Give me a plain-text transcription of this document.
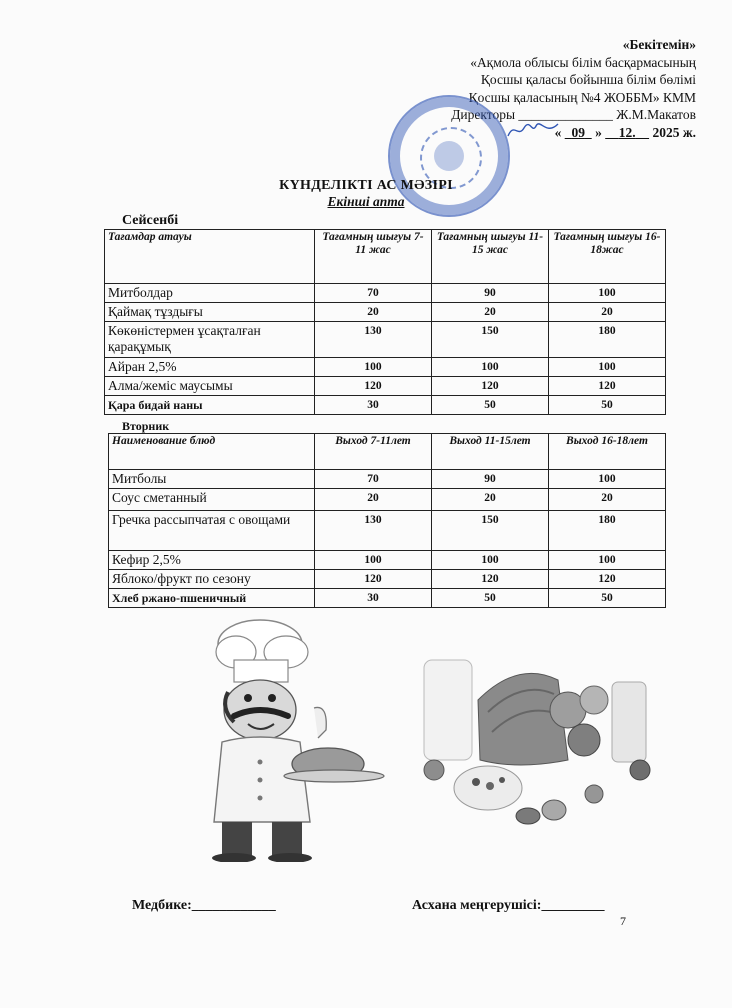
«Бекітемін»
«Ақмола облысы білім басқармасының
Қосшы қаласы бойынша білім бөлімі
Қосшы қаласының №4 ЖОББМ» КММ
Директоры ______________ Ж.М.Макатов
« 09 » 12. 2025 ж.
КҮНДЕЛІКТІ АС МӘЗІРІ
Екінші апта
Сейсенбі
Тағамдар атауы	Тағамның шығуы 7-11 жас	Тағамның шығуы 11-15 жас	Тағамның шығуы 16-18жас
Митболдар	70	90	100
Қаймақ тұздығы	20	20	20
Көкөністермен ұсақталған қарақұмық	130	150	180
Айран 2,5%	100	100	100
Алма/жеміс маусымы	120	120	120
Қара бидай наны	30	50	50
Вторник
Наименование блюд	Выход 7-11лет	Выход 11-15лет	Выход 16-18лет
Митболы	70	90	100
Соус сметанный	20	20	20
Гречка рассыпчатая с овощами	130	150	180
Кефир 2,5%	100	100	100
Яблоко/фрукт по сезону	120	120	120
Хлеб ржано-пшеничный	30	50	50
Медбике:____________	Асхана меңгерушісі:_________
7
